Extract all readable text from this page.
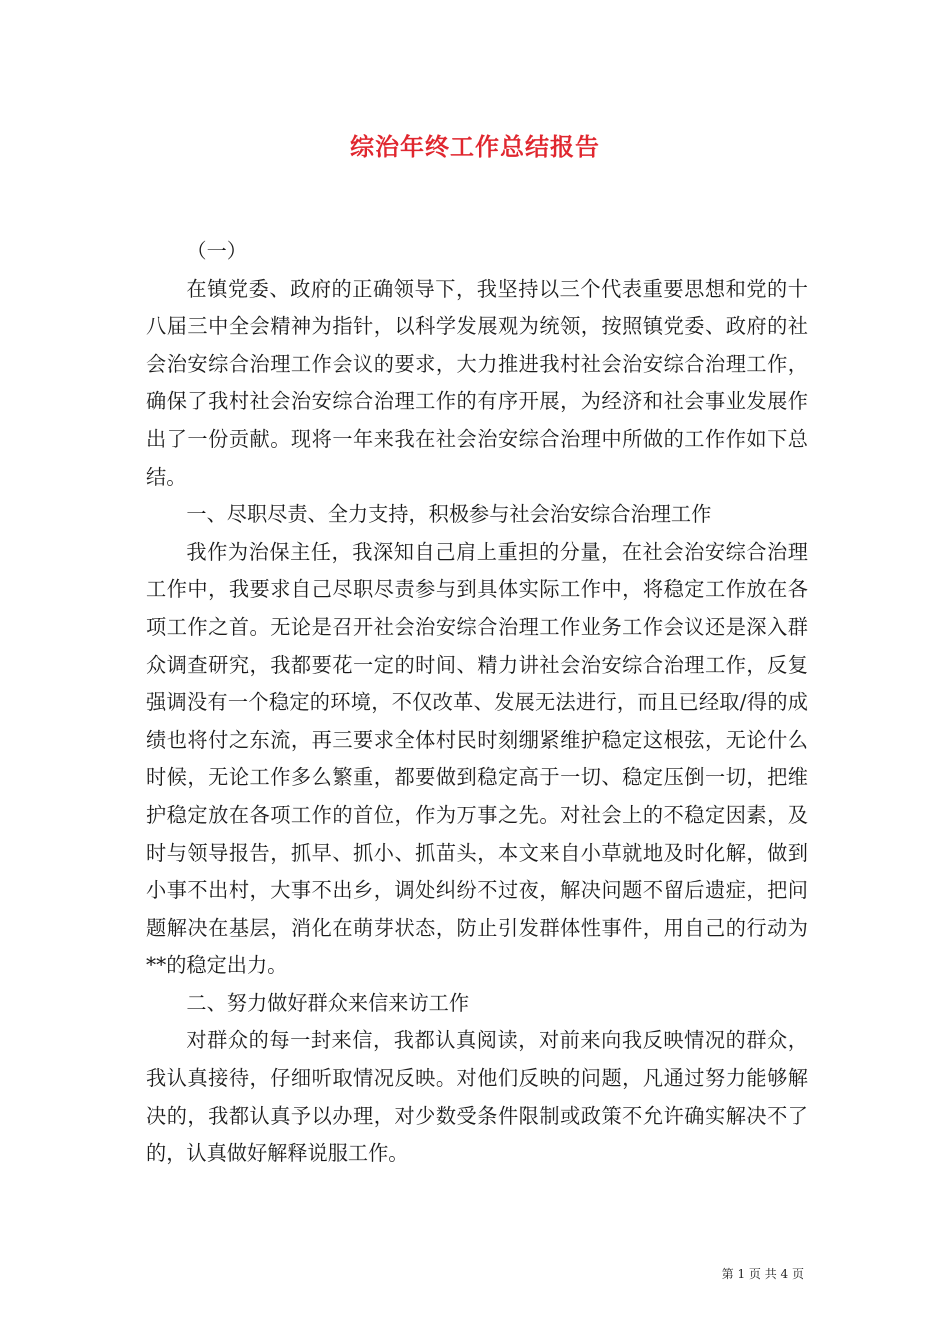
综治年终工作总结报告

（一）

在镇党委、政府的正确领导下，我坚持以三个代表重要思想和党的十八届三中全会精神为指针，以科学发展观为统领，按照镇党委、政府的社会治安综合治理工作会议的要求，大力推进我村社会治安综合治理工作，确保了我村社会治安综合治理工作的有序开展，为经济和社会事业发展作出了一份贡献。现将一年来我在社会治安综合治理中所做的工作作如下总结。

一、尽职尽责、全力支持，积极参与社会治安综合治理工作

我作为治保主任，我深知自己肩上重担的分量，在社会治安综合治理工作中，我要求自己尽职尽责参与到具体实际工作中，将稳定工作放在各项工作之首。无论是召开社会治安综合治理工作业务工作会议还是深入群众调查研究，我都要花一定的时间、精力讲社会治安综合治理工作，反复强调没有一个稳定的环境，不仅改革、发展无法进行，而且已经取/得的成绩也将付之东流，再三要求全体村民时刻绷紧维护稳定这根弦，无论什么时候，无论工作多么繁重，都要做到稳定高于一切、稳定压倒一切，把维护稳定放在各项工作的首位，作为万事之先。对社会上的不稳定因素，及时与领导报告，抓早、抓小、抓苗头，本文来自小草就地及时化解，做到小事不出村，大事不出乡，调处纠纷不过夜，解决问题不留后遗症，把问题解决在基层，消化在萌芽状态，防止引发群体性事件，用自己的行动为**的稳定出力。

二、努力做好群众来信来访工作

对群众的每一封来信，我都认真阅读，对前来向我反映情况的群众，我认真接待，仔细听取情况反映。对他们反映的问题，凡通过努力能够解决的，我都认真予以办理，对少数受条件限制或政策不允许确实解决不了的，认真做好解释说服工作。

第 1 页 共 4 页
